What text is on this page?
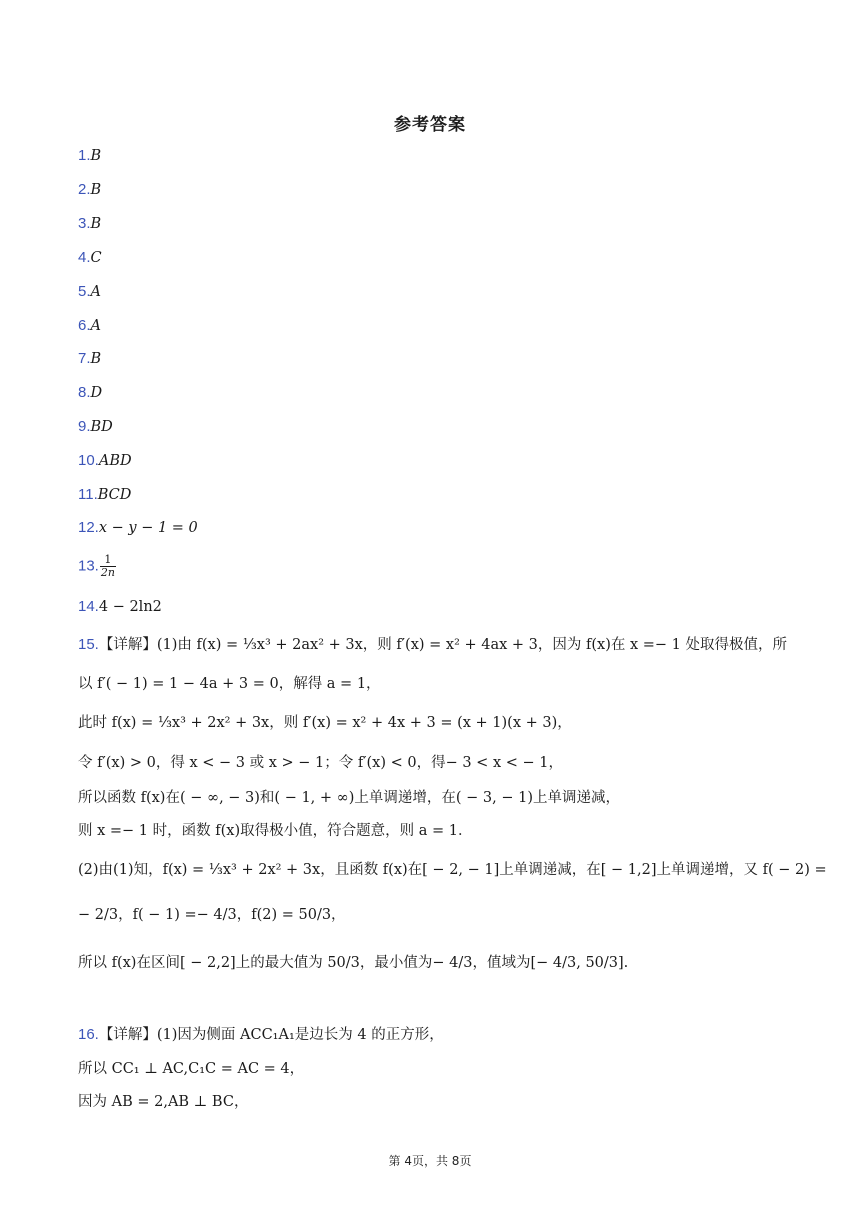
参考答案
1.B
2.B
3.B
4.C
5.A
6.A
7.B
8.D
9.BD
10.ABD
11.BCD
12.x − y − 1 = 0
13. $\frac{1}{2n}$
14.4 − 2ln2
15.【详解】(1)由 f(x) = ⅓x³ + 2ax² + 3x，则 f′(x) = x² + 4ax + 3，因为 f(x)在 x =− 1 处取得极值，所
以 f′( − 1) = 1 − 4a + 3 = 0，解得 a = 1，
此时 f(x) = ⅓x³ + 2x² + 3x，则 f′(x) = x² + 4x + 3 = (x + 1)(x + 3)，
令 f′(x) > 0，得 x < − 3 或 x > − 1；令 f′(x) < 0，得− 3 < x < − 1，
所以函数 f(x)在( − ∞, − 3)和( − 1, + ∞)上单调递增，在( − 3, − 1)上单调递减，
则 x =− 1 时，函数 f(x)取得极小值，符合题意，则 a = 1．
(2)由(1)知，f(x) = ⅓x³ + 2x² + 3x，且函数 f(x)在[ − 2, − 1]上单调递减，在[ − 1,2]上单调递增，又 f( − 2) =
− 2/3，f( − 1) =− 4/3，f(2) = 50/3，
所以 f(x)在区间[ − 2,2]上的最大值为 50/3，最小值为− 4/3，值域为[− 4/3, 50/3].
16.【详解】(1)因为侧面 ACC₁A₁是边长为 4 的正方形，
所以 CC₁ ⊥ AC,C₁C = AC = 4，
因为 AB = 2,AB ⊥ BC，
第 4页，共 8页
